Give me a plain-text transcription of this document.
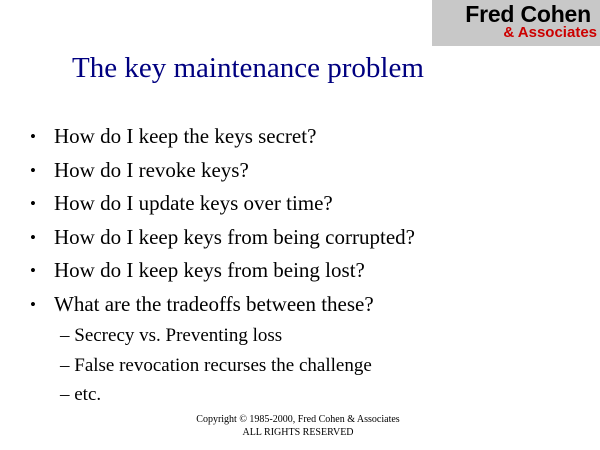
Fred Cohen
& Associates
The key maintenance problem
• How do I keep the keys secret?
• How do I revoke keys?
• How do I update keys over time?
• How do I keep keys from being corrupted?
• How do I keep keys from being lost?
• What are the tradeoffs between these?
– Secrecy vs. Preventing loss
– False revocation recurses the challenge
– etc.
Copyright © 1985-2000, Fred Cohen & Associates
ALL RIGHTS RESERVED
